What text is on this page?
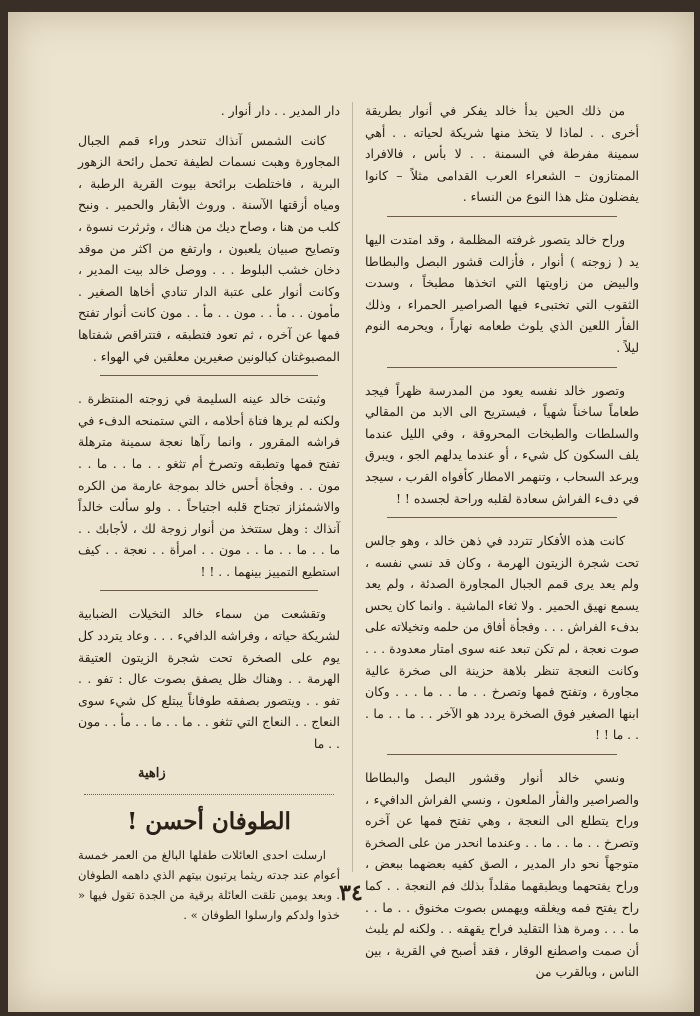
من ذلك الحين بدأ خالد يفكر في أنوار بطريقة أخرى . . لماذا لا يتخذ منها شريكة لحياته . . أهي سمينة مفرطة في السمنة . . لا بأس ، فالافراد الممتازون – الشعراء العرب القدامى مثلاً – كانوا يفضلون مثل هذا النوع من النساء .

وراح خالد يتصور غرفته المظلمة ، وقد امتدت اليها يد ( زوجته ) أنوار ، فأزالت قشور البصل والبطاطا والبيض من زاويتها التي اتخذها مطبخاً ، وسدت الثقوب التي تختبىء فيها الصراصير الحمراء ، وذلك الفأر اللعين الذي يلوث طعامه نهاراً ، ويحرمه النوم ليلاً .

وتصور خالد نفسه يعود من المدرسة ظهراً فيجد طعاماً ساخناً شهياً ، فيستريح الى الابد من المقالي والسلطات والطبخات المحروقة ، وفي الليل عندما يلف السكون كل شيء ، أو عندما يدلهم الجو ، ويبرق ويرعد السحاب ، وتنهمر الامطار كأفواه القرب ، سيجد في دفء الفراش سعادة لقلبه وراحة لجسده ! !

كانت هذه الأفكار تتردد في ذهن خالد ، وهو جالس تحت شجرة الزيتون الهرمة ، وكان قد نسي نفسه ، ولم يعد يرى قمم الجبال المجاورة الصدئة ، ولم يعد يسمع نهيق الحمير . ولا ثغاء الماشية . وانما كان يحس بدفء الفراش . . . وفجأة أفاق من حلمه وتخيلاته على صوت نعجة ، لم تكن تبعد عنه سوى امتار معدودة . . . وكانت النعجة تنظر بلاهة حزينة الى صخرة عالية مجاورة ، وتفتح فمها وتصرخ . . ما . . ما . . . وكان ابنها الصغير فوق الصخرة يردد هو الآخر . . ما . . ما . . . ما ! !

ونسي خالد أنوار وقشور البصل والبطاطا والصراصير والفأر الملعون ، ونسي الفراش الدافيء ، وراح يتطلع الى النعجة ، وهي تفتح فمها عن آخره وتصرخ . . ما . . ما . . وعندما انحدر من على الصخرة متوجهاً نحو دار المدير ، الصق كفيه بعضهما ببعض ، وراح يفتحهما ويطبقهما مقلداً بذلك فم النعجة . . كما راح يفتح فمه ويغلقه ويهمس بصوت مخنوق . . ما . . ما . . . ومرة هذا التقليد فراح يقهقه . . ولكنه لم يلبث أن صمت واصطنع الوقار ، فقد أصبح في القرية ، بين الناس ، وبالقرب من

دار المدير . . دار أنوار .

كانت الشمس آنذاك تنحدر وراء قمم الجبال المجاورة وهبت نسمات لطيفة تحمل رائحة الزهور البرية ، فاختلطت برائحة بيوت القرية الرطبة ، ومياه أزقتها الآسنة . وروث الأبقار والحمير . ونبح كلب من هنا ، وصاح ديك من هناك ، وثرثرت نسوة ، وتصايح صبيان يلعبون ، وارتفع من اكثر من موقد دخان خشب البلوط . . . ووصل خالد بيت المدير ، وكانت أنوار على عتبة الدار تنادي أخاها الصغير . مأمون . . مأ . . مون . . مأ . . مون كانت أنوار تفتح فمها عن آخره ، ثم تعود فتطبقه ، فتتراقص شفتاها المصبوغتان كبالونين صغيرين معلقين في الهواء .

وثبتت خالد عينه السليمة في زوجته المنتظرة . ولكنه لم يرها فتاة أحلامه ، التي ستمنحه الدفء في فراشه المقرور ، وانما رآها نعجة سمينة مترهلة تفتح فمها وتطبقه وتصرخ أم تثغو . . ما . . ما . . مون . . وفجأة أحس خالد بموجة عارمة من الكره والاشمئزاز تجتاح قلبه اجتياحاً . . ولو سألت خالداً آنذاك : وهل ستتخذ من أنوار زوجة لك ، لأجابك . . ما . . ما . . ما . . مون . . امرأة . . نعجة . . كيف استطيع التمييز بينهما . . ! !

وتقشعت من سماء خالد التخيلات الضبابية لشريكة حياته ، وفراشه الدافيء . . . وعاد يتردد كل يوم على الصخرة تحت شجرة الزيتون العتيقة الهرمة . . وهناك ظل يصفق بصوت عال : تفو . . تفو . . ويتصور بصفقه طوفاناً يبتلع كل شيء سوى النعاج . . النعاج التي تثغو . . ما . . ما . . مأ . . مون . . ما

زاهية
الطوفان أحسن !

ارسلت احدى العائلات طفلها البالغ من العمر خمسة أعوام عند جدته ريثما يرتبون بيتهم الذي داهمه الطوفان . وبعد يومين تلقت العائلة برقية من الجدة تقول فيها « خذوا ولدكم وارسلوا الطوفان » .

٣٤
